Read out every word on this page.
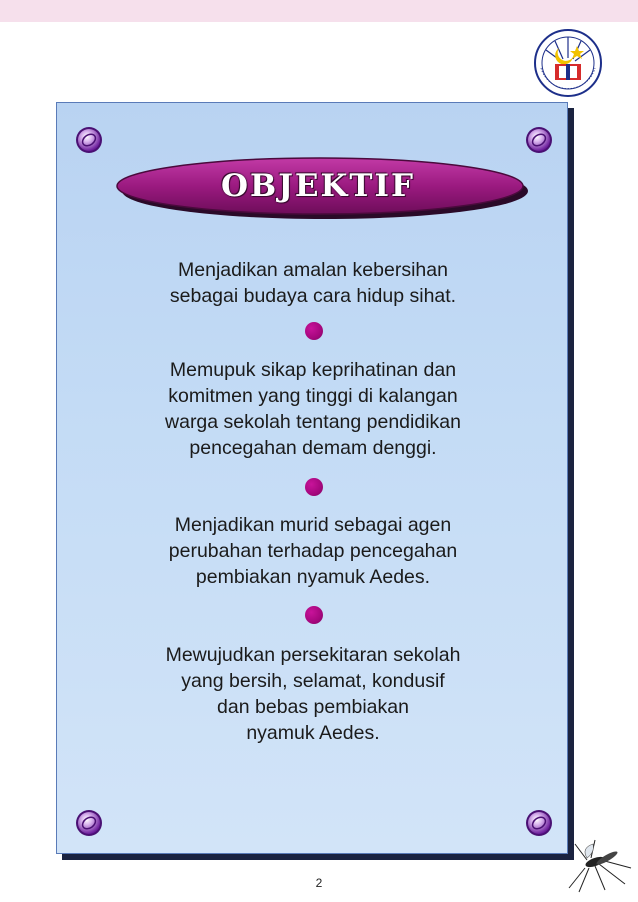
OBJEKTIF
Menjadikan amalan kebersihan
sebagai budaya cara hidup sihat.
Memupuk sikap keprihatinan dan
komitmen yang tinggi di kalangan
warga sekolah tentang pendidikan
pencegahan demam denggi.
Menjadikan murid sebagai agen
perubahan terhadap pencegahan
pembiakan nyamuk Aedes.
Mewujudkan persekitaran sekolah
yang bersih, selamat, kondusif
dan bebas pembiakan
nyamuk Aedes.
2
